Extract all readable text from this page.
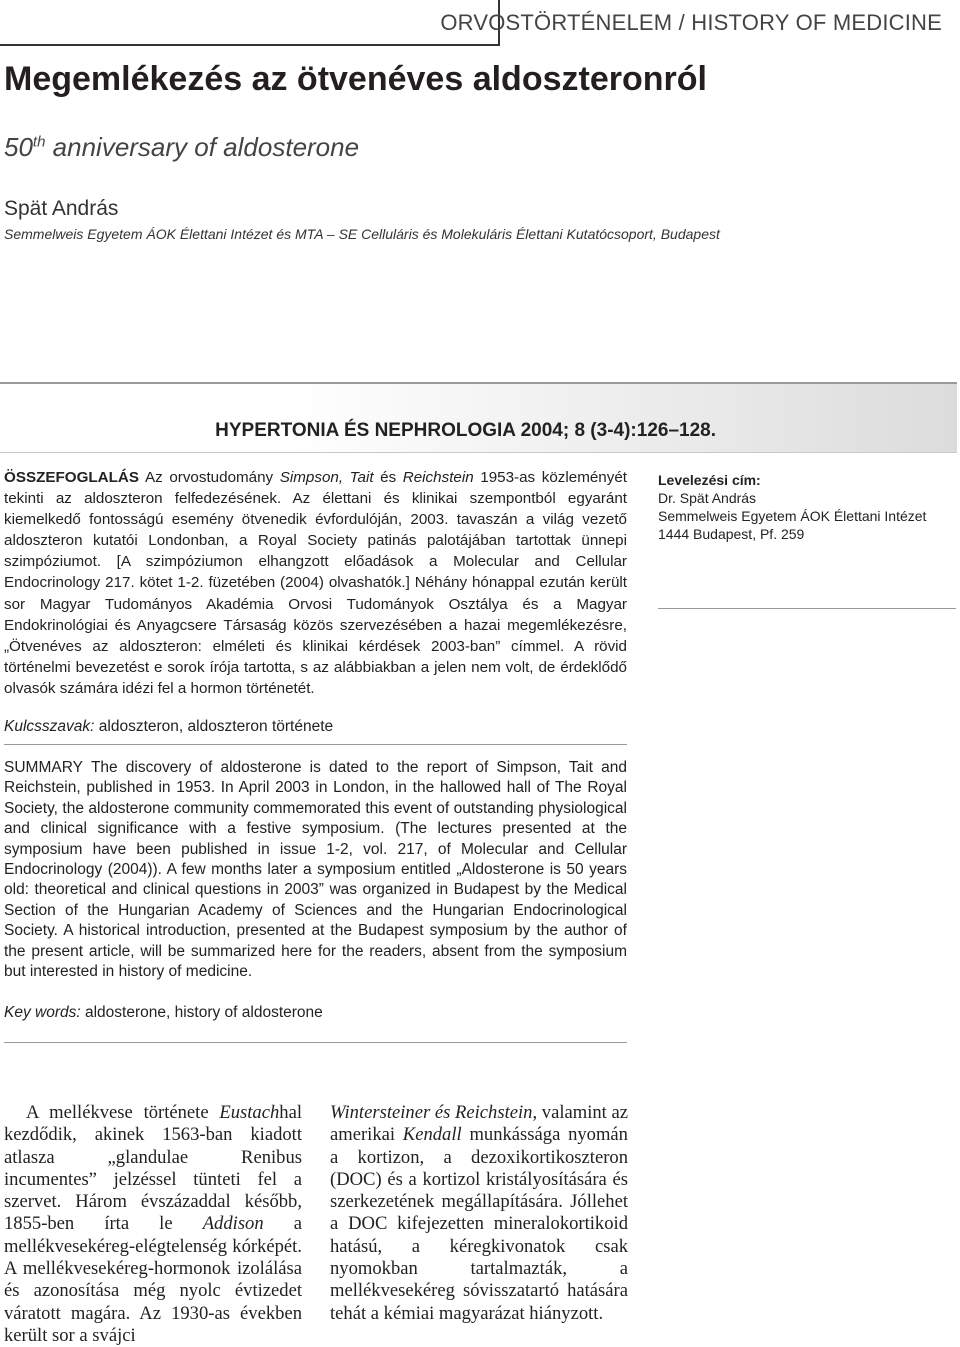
ORVOSTÖRTÉNELEM / HISTORY OF MEDICINE
Megemlékezés az ötvenéves aldoszteronról
50th anniversary of aldosterone
Spät András
Semmelweis Egyetem ÁOK Élettani Intézet és MTA – SE Celluláris és Molekuláris Élettani Kutatócsoport, Budapest
HYPERTONIA ÉS NEPHROLOGIA 2004; 8 (3-4):126–128.
ÖSSZEFOGLALÁS Az orvostudomány Simpson, Tait és Reichstein 1953-as közleményét tekinti az aldoszteron felfedezésének. Az élettani és klinikai szempontból egyaránt kiemelkedő fontosságú esemény ötvenedik évfordulóján, 2003. tavaszán a világ vezető aldoszteron kutatói Londonban, a Royal Society patinás palotájában tartottak ünnepi szimpóziumot. [A szimpóziumon elhangzott előadások a Molecular and Cellular Endocrinology 217. kötet 1-2. füzetében (2004) olvashatók.] Néhány hónappal ezután került sor Magyar Tudományos Akadémia Orvosi Tudományok Osztálya és a Magyar Endokrinológiai és Anyagcsere Társaság közös szervezésében a hazai megemlékezésre, „Ötvenéves az aldoszteron: elméleti és klinikai kérdések 2003-ban” címmel. A rövid történelmi bevezetést e sorok írója tartotta, s az alábbiakban a jelen nem volt, de érdeklődő olvasók számára idézi fel a hormon történetét.
Levelezési cím:
Dr. Spät András
Semmelweis Egyetem ÁOK Élettani Intézet
1444 Budapest, Pf. 259
Kulcsszavak: aldoszteron, aldoszteron története
SUMMARY The discovery of aldosterone is dated to the report of Simpson, Tait and Reichstein, published in 1953. In April 2003 in London, in the hallowed hall of The Royal Society, the aldosterone community commemorated this event of outstanding physiological and clinical significance with a festive symposium. (The lectures presented at the symposium have been published in issue 1-2, vol. 217, of Molecular and Cellular Endocrinology (2004)). A few months later a symposium entitled „Aldosterone is 50 years old: theoretical and clinical questions in 2003” was organized in Budapest by the Medical Section of the Hungarian Academy of Sciences and the Hungarian Endocrinological Society. A historical introduction, presented at the Budapest symposium by the author of the present article, will be summarized here for the readers, absent from the symposium but interested in history of medicine.
Key words: aldosterone, history of aldosterone
A mellékvese története Eustachhal kezdődik, akinek 1563-ban kiadott atlasza „glandulae Renibus incumentes” jelzéssel tünteti fel a szervet. Három évszázaddal később, 1855-ben írta le Addison a mellékvesekéreg-elégtelenség kórképét. A mellékvesekéreg-hormonok izolálása és azonosítása még nyolc évtizedet váratott magára. Az 1930-as években került sor a svájci
Wintersteiner és Reichstein, valamint az amerikai Kendall munkássága nyomán a kortizon, a dezoxikortikoszteron (DOC) és a kortizol kristályosítására és szerkezetének megállapítására. Jóllehet a DOC kifejezetten mineralokortikoid hatású, a kéregkivonatok csak nyomokban tartalmazták, a mellékvesekéreg sóvisszatartó hatására tehát a kémiai magyarázat hiányzott.
